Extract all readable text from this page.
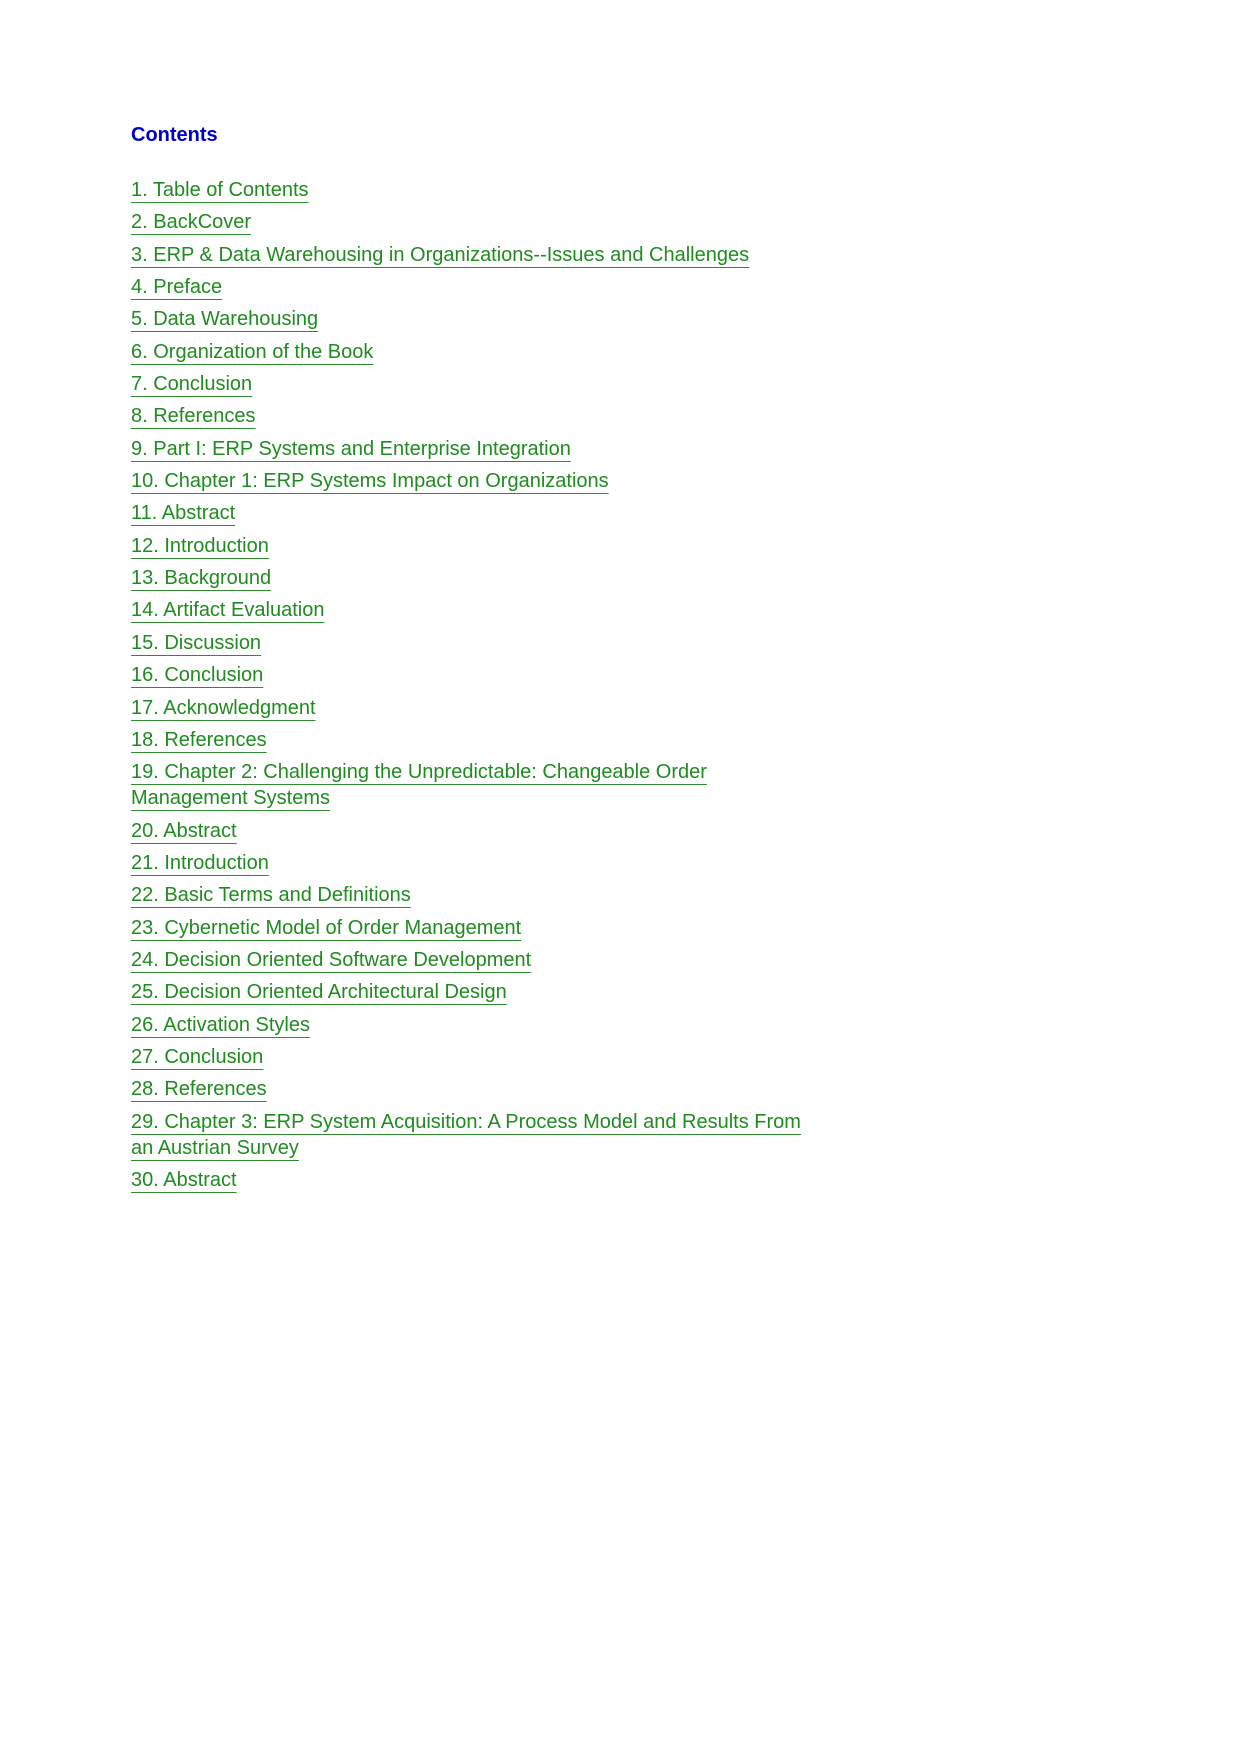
Contents
1. Table of Contents
2. BackCover
3. ERP & Data Warehousing in Organizations--Issues and Challenges
4. Preface
5. Data Warehousing
6. Organization of the Book
7. Conclusion
8. References
9. Part I: ERP Systems and Enterprise Integration
10. Chapter 1: ERP Systems Impact on Organizations
11. Abstract
12. Introduction
13. Background
14. Artifact Evaluation
15. Discussion
16. Conclusion
17. Acknowledgment
18. References
19. Chapter 2: Challenging the Unpredictable: Changeable Order Management Systems
20. Abstract
21. Introduction
22. Basic Terms and Definitions
23. Cybernetic Model of Order Management
24. Decision Oriented Software Development
25. Decision Oriented Architectural Design
26. Activation Styles
27. Conclusion
28. References
29. Chapter 3: ERP System Acquisition: A Process Model and Results From an Austrian Survey
30. Abstract
